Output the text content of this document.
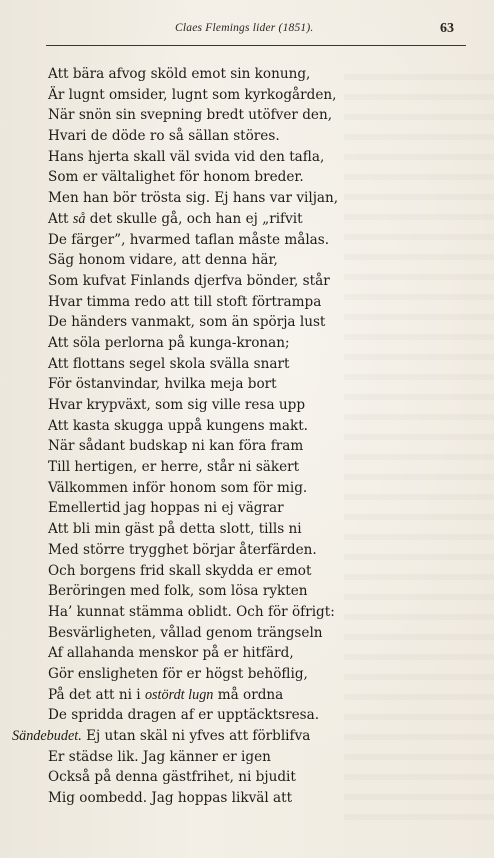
Claes Flemings lider (1851).	63
Att bära afvog sköld emot sin konung,
Är lugnt omsider, lugnt som kyrkogården,
När snön sin svepning bredt utöfver den,
Hvari de döde ro så sällan störes.
Hans hjerta skall väl svida vid den tafla,
Som er vältalighet för honom breder.
Men han bör trösta sig. Ej hans var viljan,
Att så det skulle gå, och han ej „rifvit
De färger”, hvarmed taflan måste målas.
Säg honom vidare, att denna här,
Som kufvat Finlands djerfva bönder, står
Hvar timma redo att till stoft förtrampa
De händers vanmakt, som än spörja lust
Att söla perlorna på kunga-kronan;
Att flottans segel skola svälla snart
För östanvindar, hvilka meja bort
Hvar krypväxt, som sig ville resa upp
Att kasta skugga uppå kungens makt.
När sådant budskap ni kan föra fram
Till hertigen, er herre, står ni säkert
Välkommen inför honom som för mig.
Emellertid jag hoppas ni ej vägrar
Att bli min gäst på detta slott, tills ni
Med större trygghet börjar återfärden.
Och borgens frid skall skydda er emot
Beröringen med folk, som lösa rykten
Ha’ kunnat stämma oblidt. Och för öfrigt:
Besvärligheten, vållad genom trängseln
Af allahanda menskor på er hitfärd,
Gör ensligheten för er högst behöflig,
På det att ni i ostördt lugn må ordna
De spridda dragen af er upptäcktsresa.
Sändebudet. Ej utan skäl ni yfves att förblifva
Er städse lik. Jag känner er igen
Också på denna gästfrihet, ni bjudit
Mig oombedd. Jag hoppas likväl att
